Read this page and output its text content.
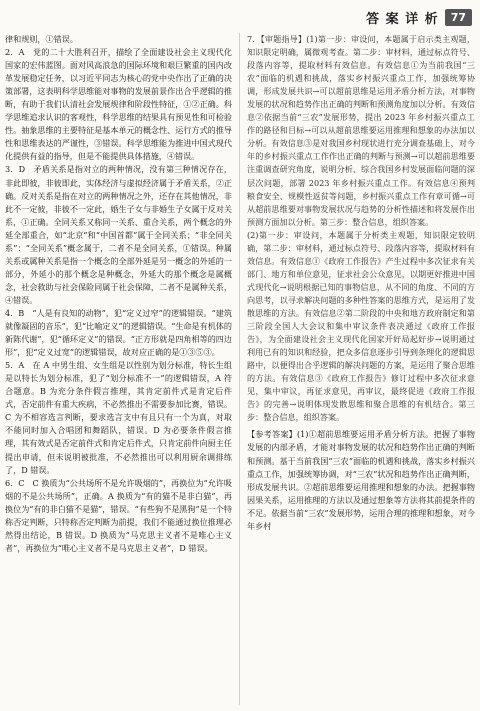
答 案 详 析	77

律和规则，①错误。

2．A　党的二十大胜利召开，描绘了全面建设社会主义现代化国家的宏伟蓝图。面对风高浪急的国际环境和艰巨繁重的国内改革发展稳定任务，以习近平同志为核心的党中央作出了正确的决策部署，这表明科学思维能对事物的发展前景作出合乎逻辑的推断，有助于我们认清社会发展规律和阶段性特征，①②正确。科学思维追求认识的客观性，科学思维的结果具有预见性和可检验性。抽象思维的主要特征是基本单元的概念性、运行方式的推导性和思维表达的严谨性，③错误。科学思维能为推进中国式现代化提供有益的指导，但是不能提供具体措施，④错误。

3．D　矛盾关系是指对立的两种情况，没有第三种情况存在，非此即彼，非彼即此，实体经济与虚拟经济属于矛盾关系，②正确。反对关系是指在对立的两种情况之外，还存在其他情况，非此不一定彼，非彼不一定此，婚生子女与非婚生子女属于反对关系，①正确。全同关系又称同一关系、重合关系，两个概念的外延全部重合，如“北京”和“中国首都”属于全同关系；“非全同关系”：“全同关系”概念属于，二者不是全同关系，①错误。种属关系或属种关系是指一个概念的全部外延是另一概念的外延的一部分，外延小的那个概念是种概念，外延大的那个概念是属概念，社会救助与社会保险同属于社会保障，二者不是属种关系，④错误。

4．B　“人是有良知的动物”，犯“定义过窄”的逻辑错误。“建筑就像凝固的音乐”，犯“比喻定义”的逻辑错误。“生命是有机体的新陈代谢”，犯“循环定义”的错误。“正方形就是四角相等的四边形”，犯“定义过宽”的逻辑错误，故对应正确的是①③⑤③。

5．A　在 A 中男生组、女生组是以性别为划分标准，特长生组是以特长为划分标准，犯了“划分标准不一”的逻辑错误，A 符合题意。B 为充分条件假言推理，其肯定前件式是肯定后件式，否定前件有重大疾病，不必然推出不需要参加比赛，错误。C 为不相容选言判断，要求选言支中有且只有一个为真，对取不能同时加入合唱团和舞蹈队，错误。D 为必要条件假言推理，其有效式是否定前件式和肯定后件式，只肯定前件向厨主任提出申请，但未说明被批准，不必然推出可以利用厨余调排练了，D 错误。

6．C　C 换质为“公共场所不是允许吸烟的”，再换位为“允许吸烟的不是公共场所”，正确。A 换质为“有的猫不是非白猫”，再换位为“有的非白猫不是猫”，错误。“有些狗不是黑狗”是一个特称否定判断，只特称否定判断为前提，我们不能通过换位推理必然得出结论，B 错误。D 换质为“马克思主义者不是唯心主义者”，再换位为“唯心主义者不是马克思主义者”，D 错误。

7．【审题指导】(1)第一步：审设问，本题属于启示类主观题，知识限定明确，属微观考查。第二步：审材料，通过标点符号、段落内容等，提取材料有效信息。有效信息①为当前我国“三农”面临的机遇和挑战，落实乡村振兴重点工作，加强统筹协调，形成发展共识→可以超前思维是运用矛盾分析方法，对事物发展的状况和趋势作出正确的判断和预测角度加以分析。有效信息②依据当前“三农”发展形势，提出 2023 年乡村振兴重点工作的路径和目标→可以从超前思维要运用推理和想象的办法加以分析。有效信息③是对我国乡村现状进行充分调查基础上，对今年的乡村振兴重点工作作出正确的判断与预测→可以超前思维要注重调查研究角度，说明分析、综合我国乡村发展面临问题的深层次问题，部署 2023 年乡村振兴重点工作。有效信息④预判粮食安全、规模性返贫等问题，乡村振兴重点工作有章可循→可从超前思维要对事物发展状况与趋势的分析性描述和将发展作出预测方面加以分析。第三步：整合信息，组织答案。

(2)第一步：审设问，本题属于分析类主观题，知识限定较明确，第二步：审材料，通过标点符号、段落内容等，提取材料有效信息。有效信息①《政府工作报告》产生过程中多次征求有关部门、地方和单位意见，征求社会公众意见，以期更好推进中国式现代化→说明根据已知的事物信息，从不同的角度、不同的方向思考，以寻求解决问题的多种性答案的思维方式，是运用了发散思维的方法。有效信息②第二阶段的中央和地方政府制定和第三阶段全国人大会议和集中审议条件表决通过《政府工作报告》，为全面建设社会主义现代化国家开好局起好步→说明通过利用已有的知识和经验，把众多信息逐步引导到条理化的逻辑思路中，以便得出合乎逻辑的解决问题的方案，是运用了聚合思维的方法。有效信息③《政府工作报告》修订过程中多次征求意见，集中审议，再征求意见，再审议，最终促进《政府工作报告》的完善→说明体现发散思维和聚合思维的有机结合。第三步：整合信息，组织答案。

【参考答案】(1)①超前思维要运用矛盾分析方法。把握了事物发展的内部矛盾，才能对事物发展的状况和趋势作出正确的判断和预测。基于当前我国“三农”面临的机遇和挑战，落实乡村振兴重点工作，加强统筹协调，对“三农”状况和趋势作出正确判断，形成发展共识。②超前思维要运用推理和想象的办法。把握事物因果关系，运用推理的方法以及通过想象等方法将其前提条件的不足。依据当前“三农”发展形势，运用合理的推理和想象，对今年乡村
